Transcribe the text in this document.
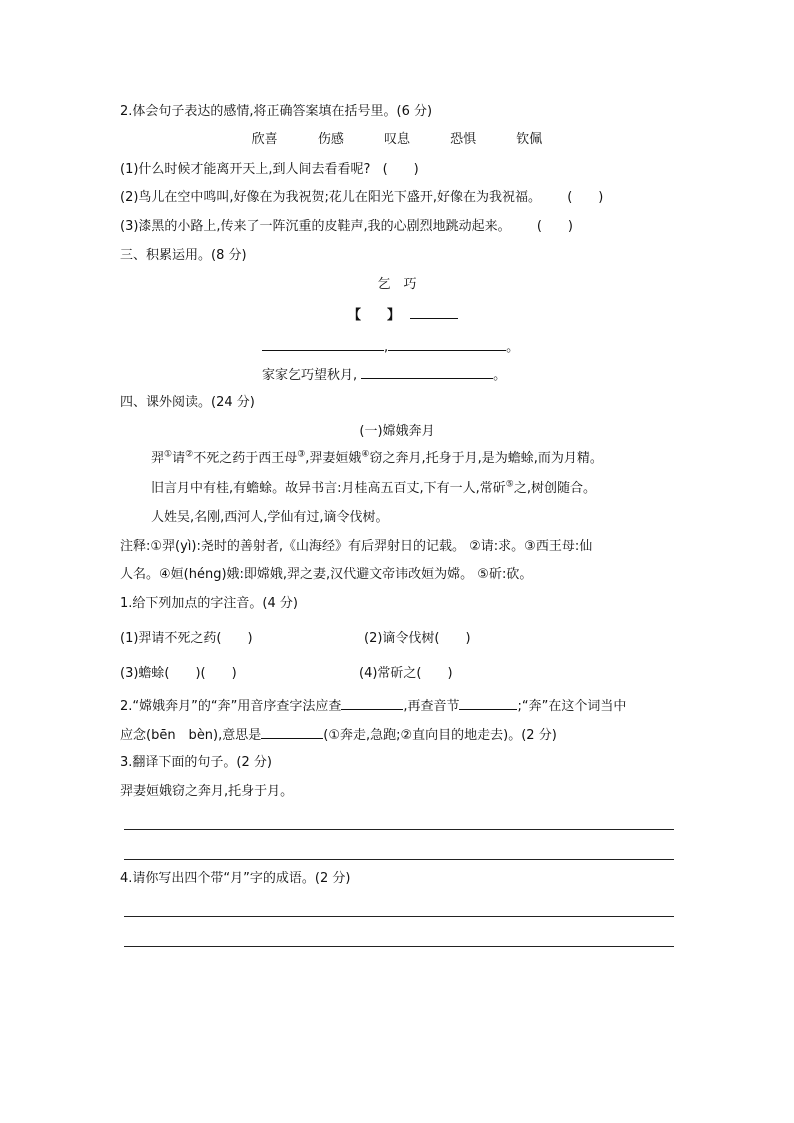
2.体会句子表达的感情,将正确答案填在括号里。(6 分)
欣喜	伤感	叹息	恐惧	钦佩
(1)什么时候才能离开天上,到人间去看看呢? (　　)
(2)鸟儿在空中鸣叫,好像在为我祝贺;花儿在阳光下盛开,好像在为我祝福。 (　　)
(3)漆黑的小路上,传来了一阵沉重的皮鞋声,我的心剧烈地跳动起来。 (　　)
三、积累运用。(8 分)
乞　巧
【　　】
,	。
家家乞巧望秋月,	。
四、课外阅读。(24 分)
(一)嫦娥奔月
羿①请②不死之药于西王母③,羿妻姮娥④窃之奔月,托身于月,是为蟾蜍,而为月精。
旧言月中有桂,有蟾蜍。故异书言:月桂高五百丈,下有一人,常斫⑤之,树创随合。
人姓吴,名刚,西河人,学仙有过,谪令伐树。
注释:①羿(yì):尧时的善射者,《山海经》有后羿射日的记载。 ②请:求。③西王母:仙
人名。④姮(héng)娥:即嫦娥,羿之妻,汉代避文帝讳改姮为嫦。 ⑤斫:砍。
1.给下列加点的字注音。(4 分)
(1)羿请不死之药(　　)	(2)谪令伐树(　　)
(3)蟾蜍(　　)(　　)	(4)常斫之(　　)
2.“嫦娥奔月”的“奔”用音序查字法应查	,再查音节	;“奔”在这个词当中
应念(bēn　bèn),意思是	(①奔走,急跑;②直向目的地走去)。(2 分)
3.翻译下面的句子。(2 分)
羿妻姮娥窃之奔月,托身于月。
4.请你写出四个带“月”字的成语。(2 分)
